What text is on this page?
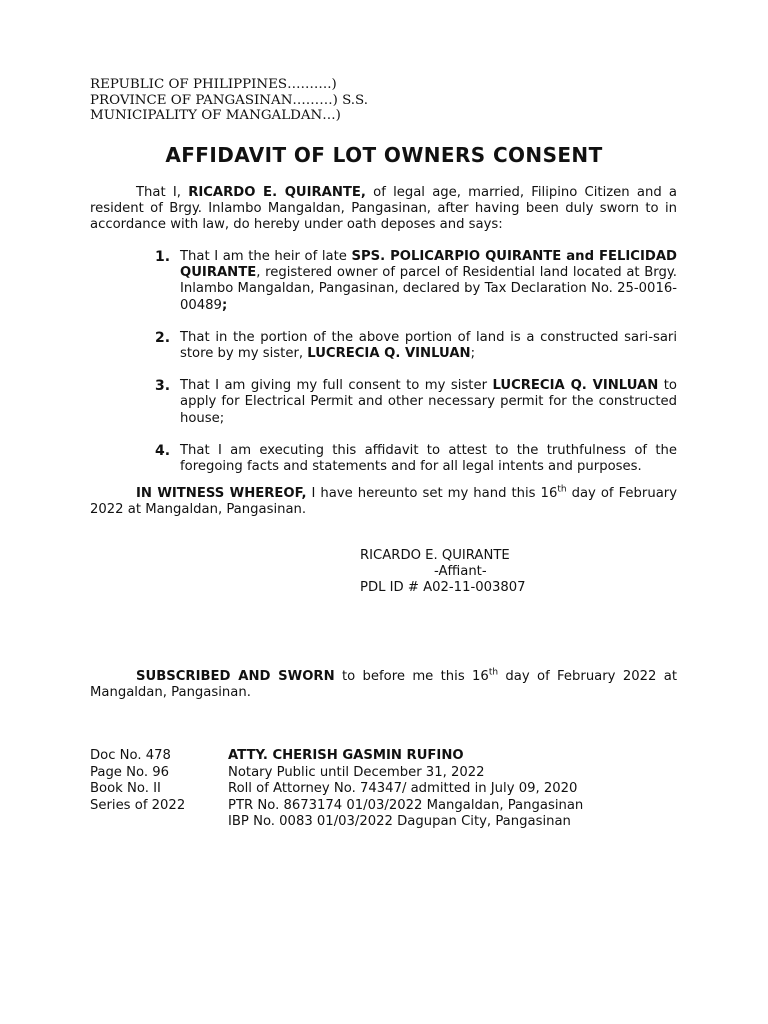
REPUBLIC OF PHILIPPINES……….)
PROVINCE OF PANGASINAN………) S.S.
MUNICIPALITY OF MANGALDAN…)
AFFIDAVIT OF LOT OWNERS CONSENT
That I, RICARDO E. QUIRANTE, of legal age, married, Filipino Citizen and a resident of Brgy. Inlambo Mangaldan, Pangasinan, after having been duly sworn to in accordance with law, do hereby under oath deposes and says:
1. That I am the heir of late SPS. POLICARPIO QUIRANTE and FELICIDAD QUIRANTE, registered owner of parcel of Residential land located at Brgy. Inlambo Mangaldan, Pangasinan, declared by Tax Declaration No. 25-0016-00489;
2. That in the portion of the above portion of land is a constructed sari-sari store by my sister, LUCRECIA Q. VINLUAN;
3. That I am giving my full consent to my sister LUCRECIA Q. VINLUAN to apply for Electrical Permit and other necessary permit for the constructed house;
4. That I am executing this affidavit to attest to the truthfulness of the foregoing facts and statements and for all legal intents and purposes.
IN WITNESS WHEREOF, I have hereunto set my hand this 16th day of February 2022 at Mangaldan, Pangasinan.
RICARDO E. QUIRANTE
-Affiant-
PDL ID # A02-11-003807
SUBSCRIBED AND SWORN to before me this 16th day of February 2022 at Mangaldan, Pangasinan.
Doc No. 478	ATTY. CHERISH GASMIN RUFINO
Page No. 96	Notary Public until December 31, 2022
Book No. II	Roll of Attorney No. 74347/ admitted in July 09, 2020
Series of 2022	PTR No. 8673174 01/03/2022 Mangaldan, Pangasinan
	IBP No. 0083 01/03/2022 Dagupan City, Pangasinan
